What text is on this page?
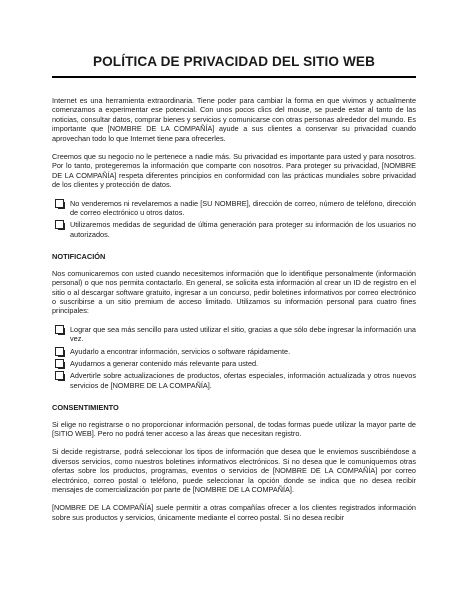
POLÍTICA DE PRIVACIDAD DEL SITIO WEB

Internet es una herramienta extraordinaria. Tiene poder para cambiar la forma en que vivimos y actualmente comenzamos a experimentar ese potencial. Con unos pocos clics del mouse, se puede estar al tanto de las noticias, consultar datos, comprar bienes y servicios y comunicarse con otras personas alrededor del mundo. Es importante que [NOMBRE DE LA COMPAÑÍA] ayude a sus clientes a conservar su privacidad cuando aprovechan todo lo que Internet tiene para ofrecerles.

Creemos que su negocio no le pertenece a nadie más. Su privacidad es importante para usted y para nosotros. Por lo tanto, protegeremos la información que comparte con nosotros. Para proteger su privacidad, [NOMBRE DE LA COMPAÑÍA] respeta diferentes principios en conformidad con las prácticas mundiales sobre privacidad de los clientes y protección de datos.

No venderemos ni revelaremos a nadie [SU NOMBRE], dirección de correo, número de teléfono, dirección de correo electrónico u otros datos.
Utilizaremos medidas de seguridad de última generación para proteger su información de los usuarios no autorizados.
NOTIFICACIÓN

Nos comunicaremos con usted cuando necesitemos información que lo identifique personalmente (información personal) o que nos permita contactarlo. En general, se solicita esta información al crear un ID de registro en el sitio o al descargar software gratuito, ingresar a un concurso, pedir boletines informativos por correo electrónico o suscribirse a un sitio premium de acceso limitado. Utilizamos su información personal para cuatro fines principales:

Lograr que sea más sencillo para usted utilizar el sitio, gracias a que sólo debe ingresar la información una vez.
Ayudarlo a encontrar información, servicios o software rápidamente.
Ayudarnos a generar contenido más relevante para usted.
Advertirle sobre actualizaciones de productos, ofertas especiales, información actualizada y otros nuevos servicios de [NOMBRE DE LA COMPAÑÍA].
CONSENTIMIENTO

Si elige no registrarse o no proporcionar información personal, de todas formas puede utilizar la mayor parte de [SITIO WEB]. Pero no podrá tener acceso a las áreas que necesitan registro.

Si decide registrarse, podrá seleccionar los tipos de información que desea que le enviemos suscribiéndose a diversos servicios, como nuestros boletines informativos electrónicos. Si no desea que le comuniquemos otras ofertas sobre los productos, programas, eventos o servicios de [NOMBRE DE LA COMPAÑÍA] por correo electrónico, correo postal o teléfono, puede seleccionar la opción donde se indica que no desea recibir mensajes de comercialización por parte de [NOMBRE DE LA COMPAÑÍA].

[NOMBRE DE LA COMPAÑÍA] suele permitir a otras compañías ofrecer a los clientes registrados información sobre sus productos y servicios, únicamente mediante el correo postal. Si no desea recibir
